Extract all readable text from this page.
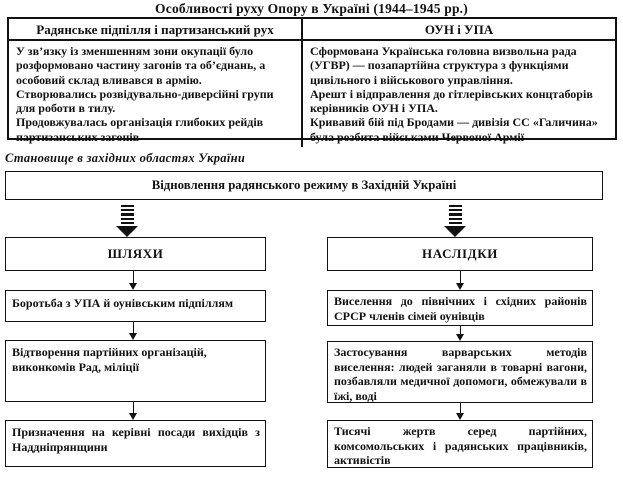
Особливості руху Опору в Україні (1944–1945 рр.)
Радянське підпілля і партизанський рух	ОУН і УПА

У зв’язку із зменшенням зони окупації було розформовано частину загонів та об’єднань, а особовий склад вливався в армію.

Створювались розвідувально-диверсійні групи для роботи в тилу.

Продовжувалась організація глибоких рейдів партизанських загонів

Сформована Українська головна визвольна рада (УГВР) — позапартійна структура з функціями цивільного і військового управління.

Арешт і відправлення до гітлерівських концтаборів керівників ОУН і УПА.

Кривавий бій під Бродами — дивізія СС «Галичина» була розбита військами Червоної Армії

Становище в західних областях України
Відновлення радянського режиму в Західній Україні
ШЛЯХИ
Боротьба з УПА й оунівським підпіллям
Відтворення партійних організацій, виконкомів Рад, міліції
Призначення на керівні посади вихідців з Наддніпрянщини
НАСЛІДКИ
Виселення до північних і східних районів СРСР членів сімей оунівців
Застосування варварських методів виселення: людей заганяли в товарні вагони, позбавляли медичної допомоги, обмежували в їжі, воді
Тисячі жертв серед партійних, комсомольських і радянських працівників, активістів
